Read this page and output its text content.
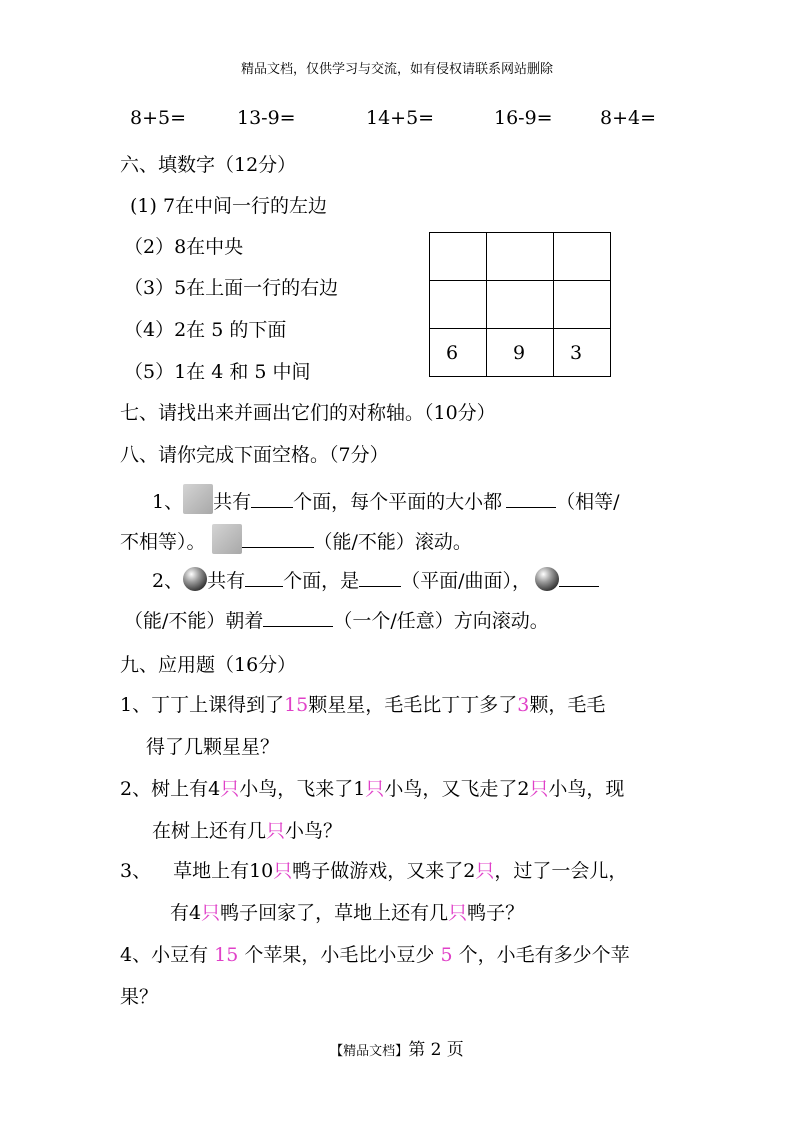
精品文档，仅供学习与交流，如有侵权请联系网站删除
8+5=	13-9=	14+5=	16-9= 8+4=
六、填数字（12分）
(1) 7在中间一行的左边
（2）8在中央
（3）5在上面一行的右边
（4）2在 5 的下面
（5）1在 4 和 5 中间

6	9	3
七、请找出来并画出它们的对称轴。（10分）
八、请你完成下面空格。（7分）
1、 共有 个面，每个平面的大小都	（相等/
不相等）。	（能/不能）滚动。
2、 共有 个面，是 （平面/曲面），
（能/不能）朝着	（一个/任意）方向滚动。
九、应用题（16分）
1、丁丁上课得到了15颗星星，毛毛比丁丁多了3颗，毛毛
得了几颗星星？
2、树上有4只小鸟，飞来了1只小鸟，又飞走了2只小鸟，现
在树上还有几只小鸟？
3、 草地上有10只鸭子做游戏，又来了2只，过了一会儿，
有4只鸭子回家了，草地上还有几只鸭子？
4、小豆有 15 个苹果，小毛比小豆少 5 个，小毛有多少个苹
果？
【精品文档】第 2 页
